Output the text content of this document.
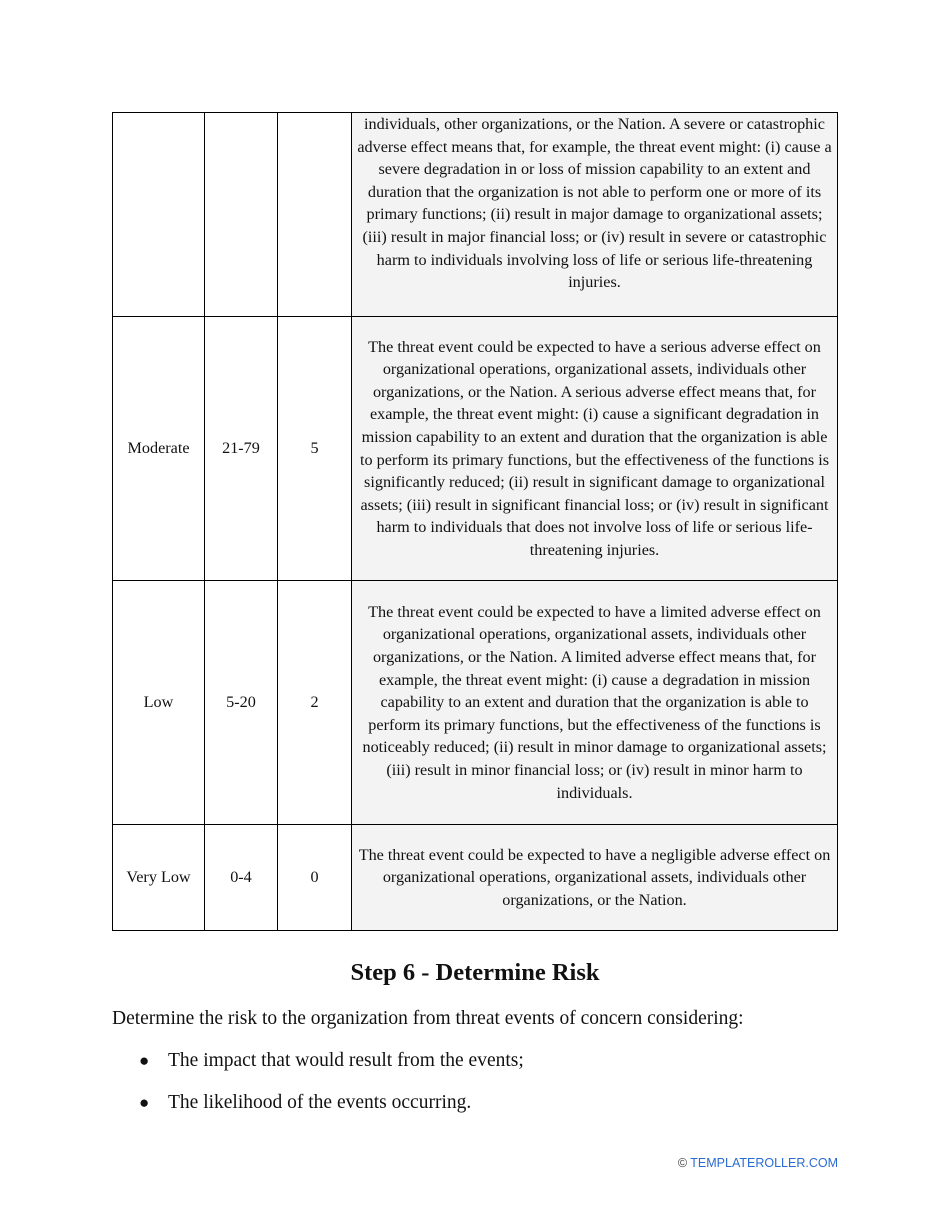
			individuals, other organizations, or the Nation. A severe or catastrophic adverse effect means that, for example, the threat event might: (i) cause a severe degradation in or loss of mission capability to an extent and duration that the organization is not able to perform one or more of its primary functions; (ii) result in major damage to organizational assets; (iii) result in major financial loss; or (iv) result in severe or catastrophic harm to individuals involving loss of life or serious life-threatening injuries.
Moderate	21-79	5	The threat event could be expected to have a serious adverse effect on organizational operations, organizational assets, individuals other organizations, or the Nation. A serious adverse effect means that, for example, the threat event might: (i) cause a significant degradation in mission capability to an extent and duration that the organization is able to perform its primary functions, but the effectiveness of the functions is significantly reduced; (ii) result in significant damage to organizational assets; (iii) result in significant financial loss; or (iv) result in significant harm to individuals that does not involve loss of life or serious life-threatening injuries.
Low	5-20	2	The threat event could be expected to have a limited adverse effect on organizational operations, organizational assets, individuals other organizations, or the Nation. A limited adverse effect means that, for example, the threat event might: (i) cause a degradation in mission capability to an extent and duration that the organization is able to perform its primary functions, but the effectiveness of the functions is noticeably reduced; (ii) result in minor damage to organizational assets; (iii) result in minor financial loss; or (iv) result in minor harm to individuals.
Very Low	0-4	0	The threat event could be expected to have a negligible adverse effect on organizational operations, organizational assets, individuals other organizations, or the Nation.
Step 6 - Determine Risk

Determine the risk to the organization from threat events of concern considering:

● The impact that would result from the events;
● The likelihood of the events occurring.
© TEMPLATEROLLER.COM
